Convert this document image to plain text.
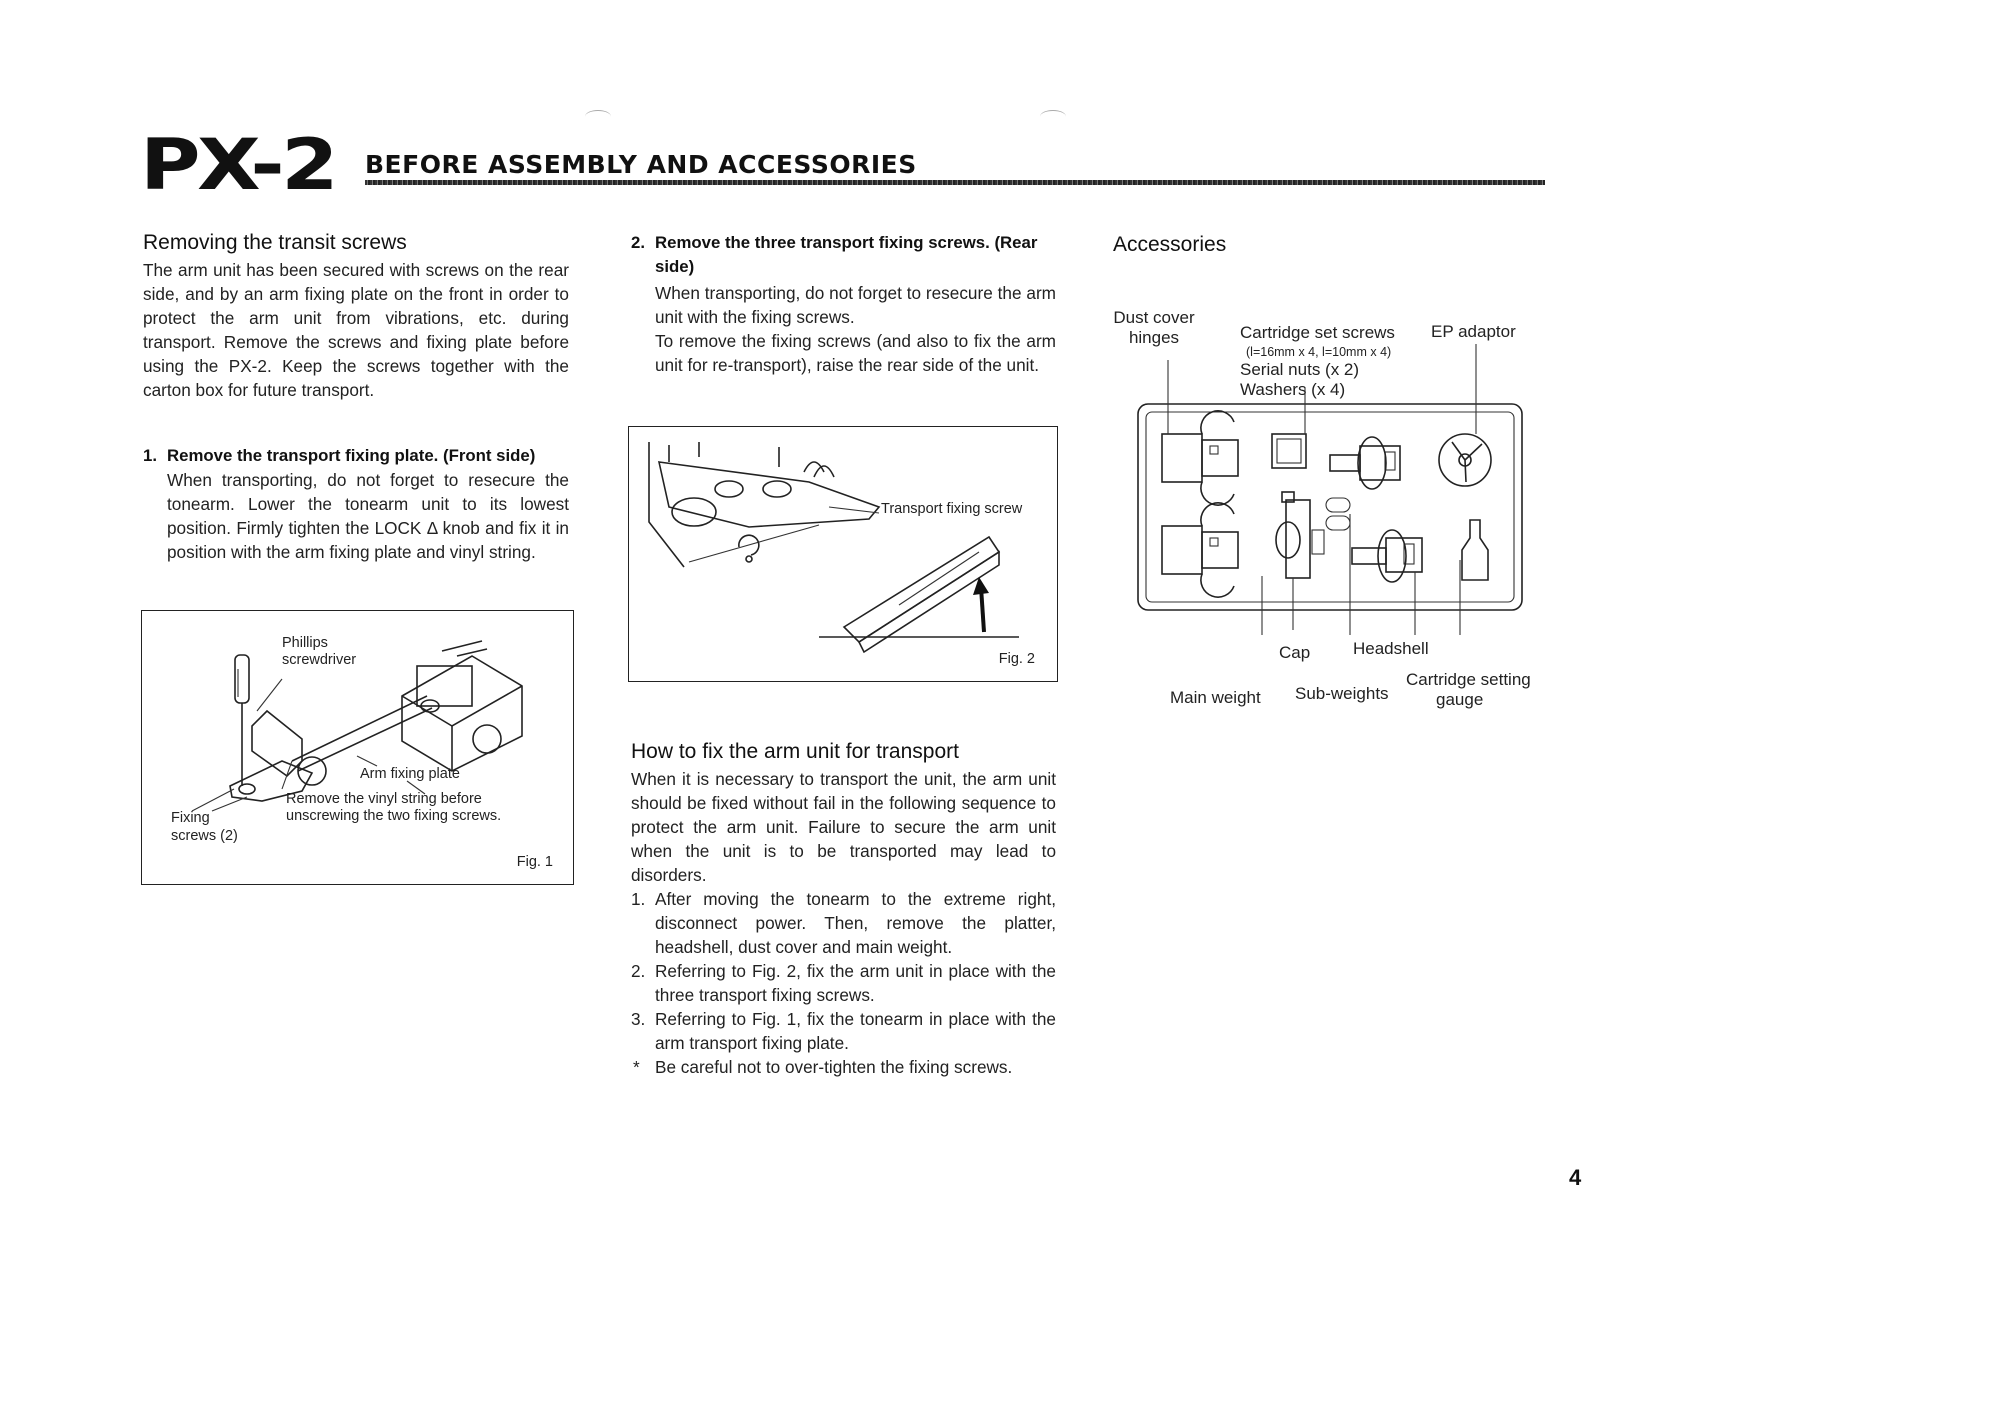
PX-2 BEFORE ASSEMBLY AND ACCESSORIES
Removing the transit screws
The arm unit has been secured with screws on the rear side, and by an arm fixing plate on the front in order to protect the arm unit from vibrations, etc. during transport. Remove the screws and fixing plate before using the PX-2. Keep the screws together with the carton box for future transport.
1. Remove the transport fixing plate. (Front side)
When transporting, do not forget to resecure the tonearm. Lower the tonearm unit to its lowest position. Firmly tighten the LOCK Δ knob and fix it in position with the arm fixing plate and vinyl string.
Phillips
screwdriver
Arm fixing plate
Remove the vinyl string before
unscrewing the two fixing screws.
Fixing
screws (2)
Fig. 1
2. Remove the three transport fixing screws. (Rear side)
When transporting, do not forget to resecure the arm unit with the fixing screws.
To remove the fixing screws (and also to fix the arm unit for re-transport), raise the rear side of the unit.
Transport fixing screw
Fig. 2
How to fix the arm unit for transport
When it is necessary to transport the unit, the arm unit should be fixed without fail in the following sequence to protect the arm unit. Failure to secure the arm unit when the unit is to be transported may lead to disorders.
1. After moving the tonearm to the extreme right, disconnect power. Then, remove the platter, headshell, dust cover and main weight.
2. Referring to Fig. 2, fix the arm unit in place with the three transport fixing screws.
3. Referring to Fig. 1, fix the tonearm in place with the arm transport fixing plate.
* Be careful not to over-tighten the fixing screws.
Accessories
Dust cover
hinges	Cartridge set screws
(l=16mm x 4, l=10mm x 4)
Serial nuts (x 2)
Washers (x 4)
EP adaptor
Cap	Headshell
Cartridge setting
gauge
Main weight Sub-weights
4
